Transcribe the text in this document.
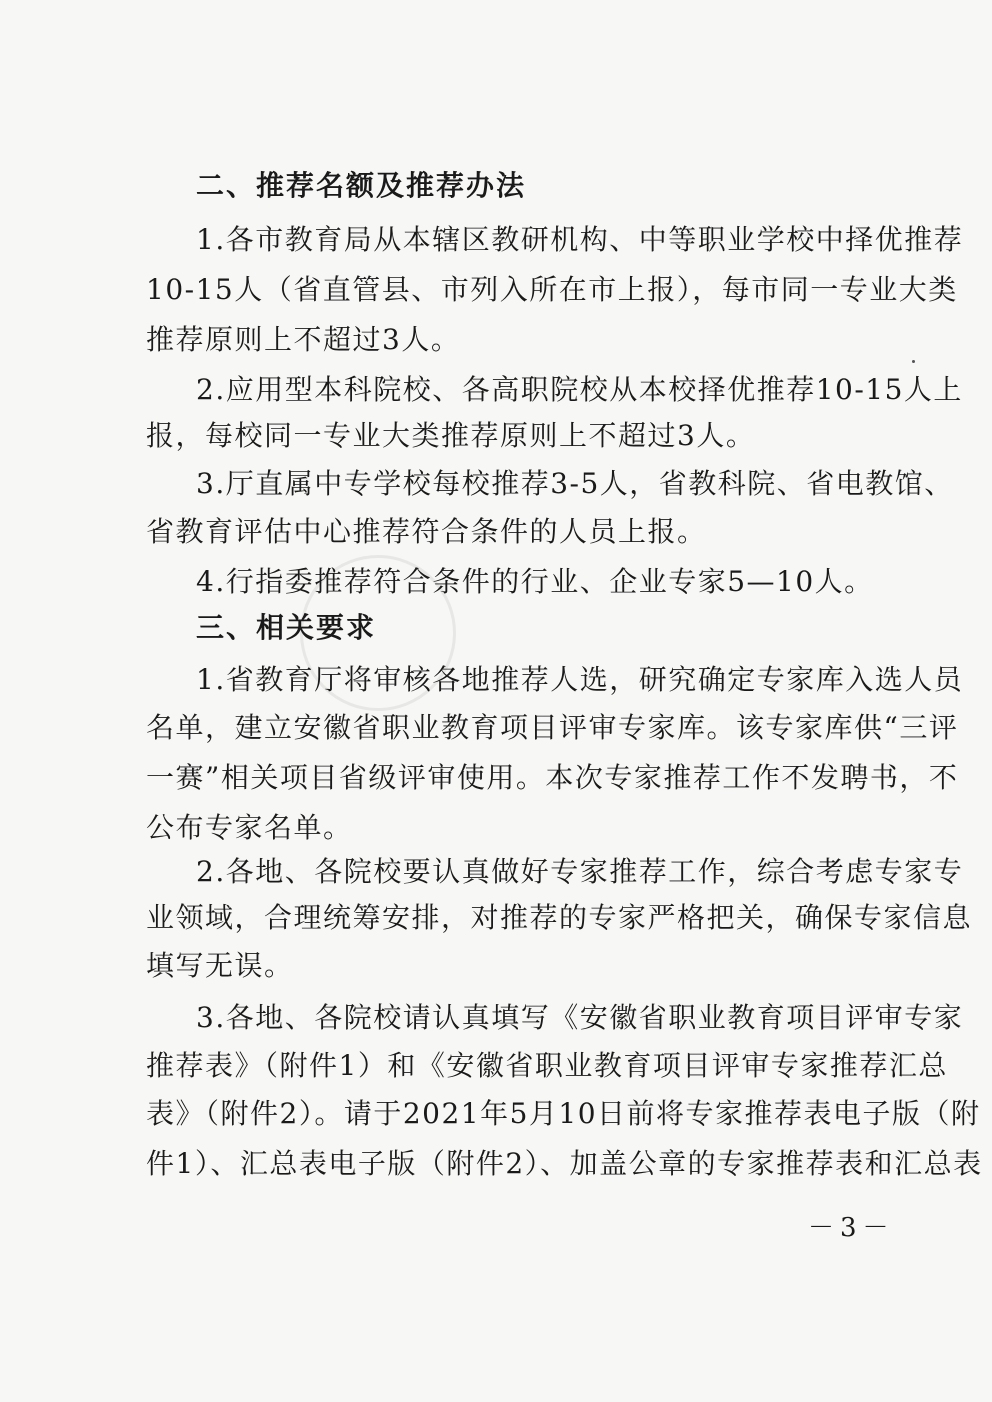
二、推荐名额及推荐办法
1.各市教育局从本辖区教研机构、中等职业学校中择优推荐
10-15人（省直管县、市列入所在市上报），每市同一专业大类
推荐原则上不超过3人。
2.应用型本科院校、各高职院校从本校择优推荐10-15人上
报，每校同一专业大类推荐原则上不超过3人。
3.厅直属中专学校每校推荐3-5人，省教科院、省电教馆、
省教育评估中心推荐符合条件的人员上报。
4.行指委推荐符合条件的行业、企业专家5—10人。
三、相关要求
1.省教育厅将审核各地推荐人选，研究确定专家库入选人员
名单，建立安徽省职业教育项目评审专家库。该专家库供“三评
一赛”相关项目省级评审使用。本次专家推荐工作不发聘书，不
公布专家名单。
2.各地、各院校要认真做好专家推荐工作，综合考虑专家专
业领域，合理统筹安排，对推荐的专家严格把关，确保专家信息
填写无误。
3.各地、各院校请认真填写《安徽省职业教育项目评审专家
推荐表》（附件1）和《安徽省职业教育项目评审专家推荐汇总
表》（附件2）。请于2021年5月10日前将专家推荐表电子版（附
件1）、汇总表电子版（附件2）、加盖公章的专家推荐表和汇总表
－3－
